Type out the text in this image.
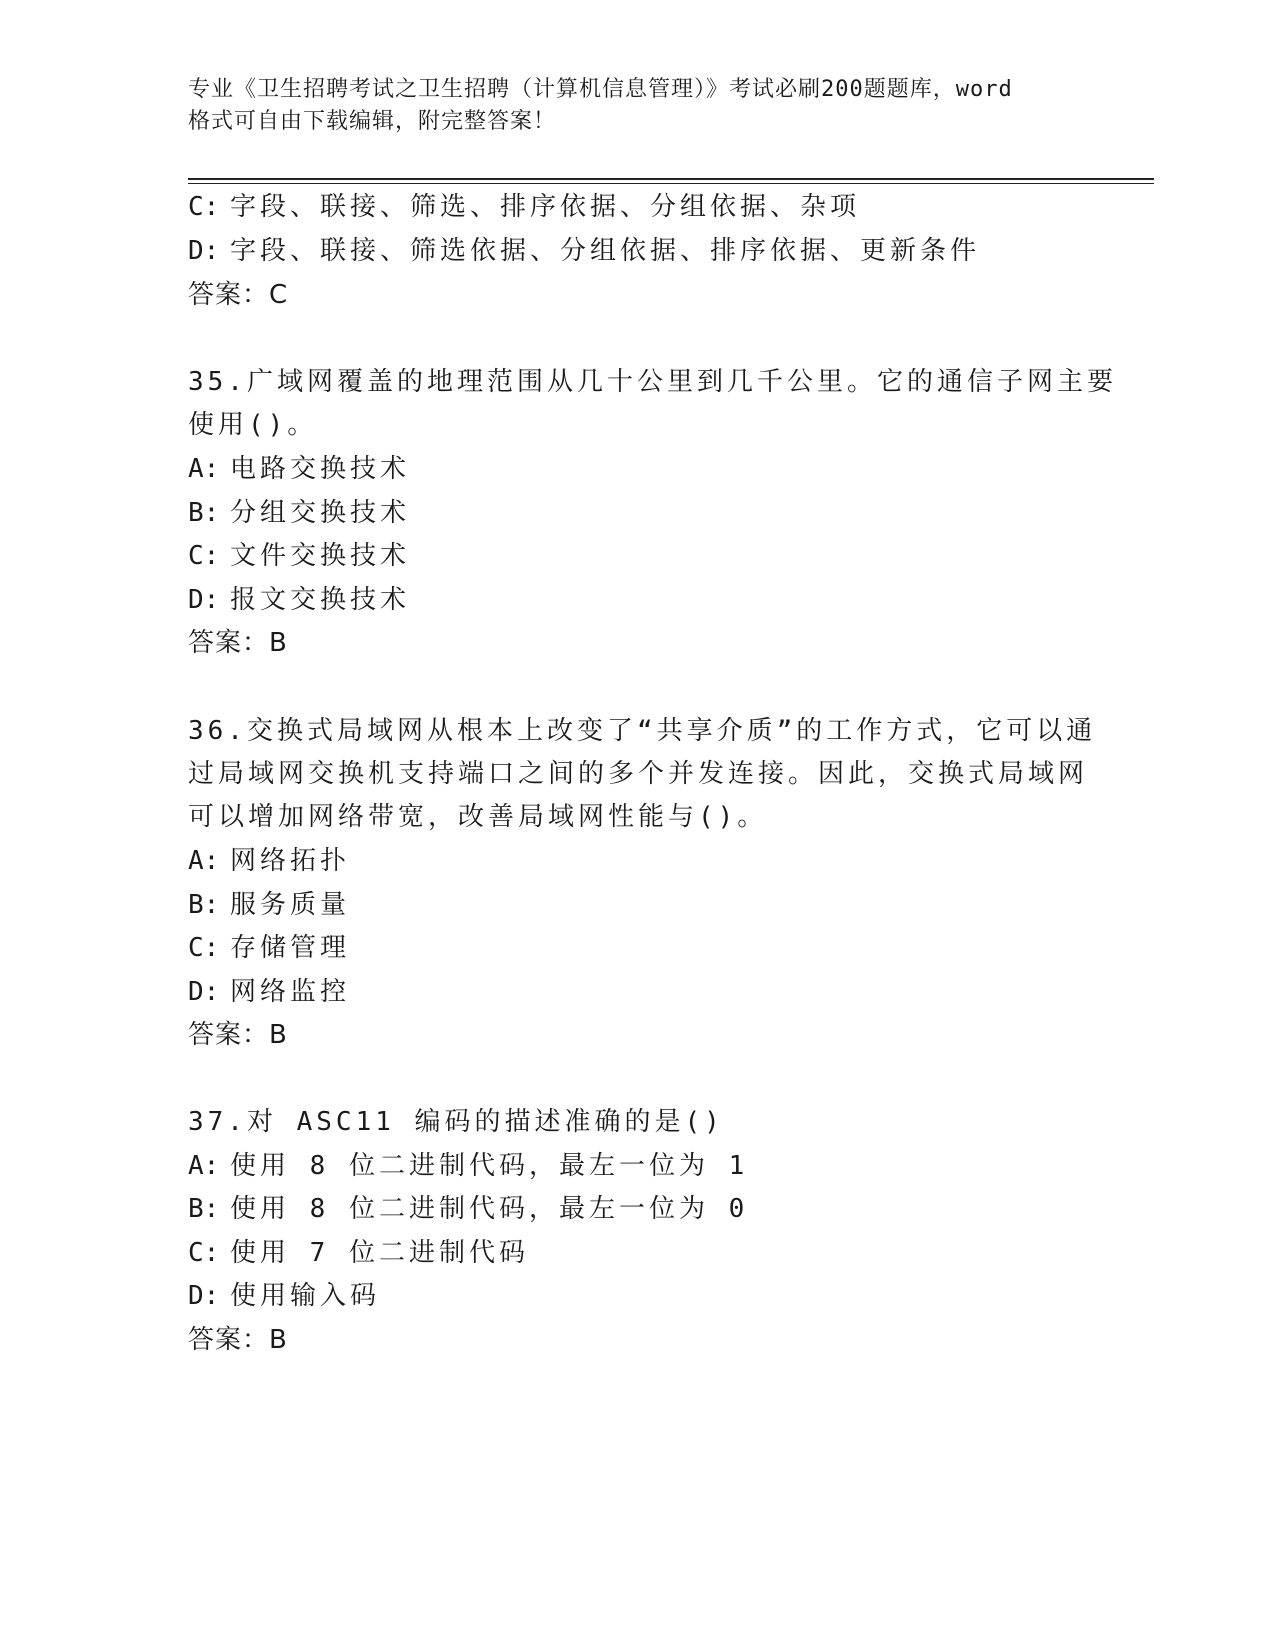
专业《卫生招聘考试之卫生招聘（计算机信息管理）》考试必刷200题题库，word
格式可自由下载编辑，附完整答案！
C: 字段、联接、筛选、排序依据、分组依据、杂项
D: 字段、联接、筛选依据、分组依据、排序依据、更新条件
答案：C
35.广域网覆盖的地理范围从几十公里到几千公里。它的通信子网主要
使用()。
A: 电路交换技术
B: 分组交换技术
C: 文件交换技术
D: 报文交换技术
答案：B
36.交换式局域网从根本上改变了“共享介质”的工作方式，它可以通
过局域网交换机支持端口之间的多个并发连接。因此，交换式局域网
可以增加网络带宽，改善局域网性能与()。
A: 网络拓扑
B: 服务质量
C: 存储管理
D: 网络监控
答案：B
37.对 ASC11 编码的描述准确的是()
A: 使用 8 位二进制代码，最左一位为 1
B: 使用 8 位二进制代码，最左一位为 0
C: 使用 7 位二进制代码
D: 使用输入码
答案：B
